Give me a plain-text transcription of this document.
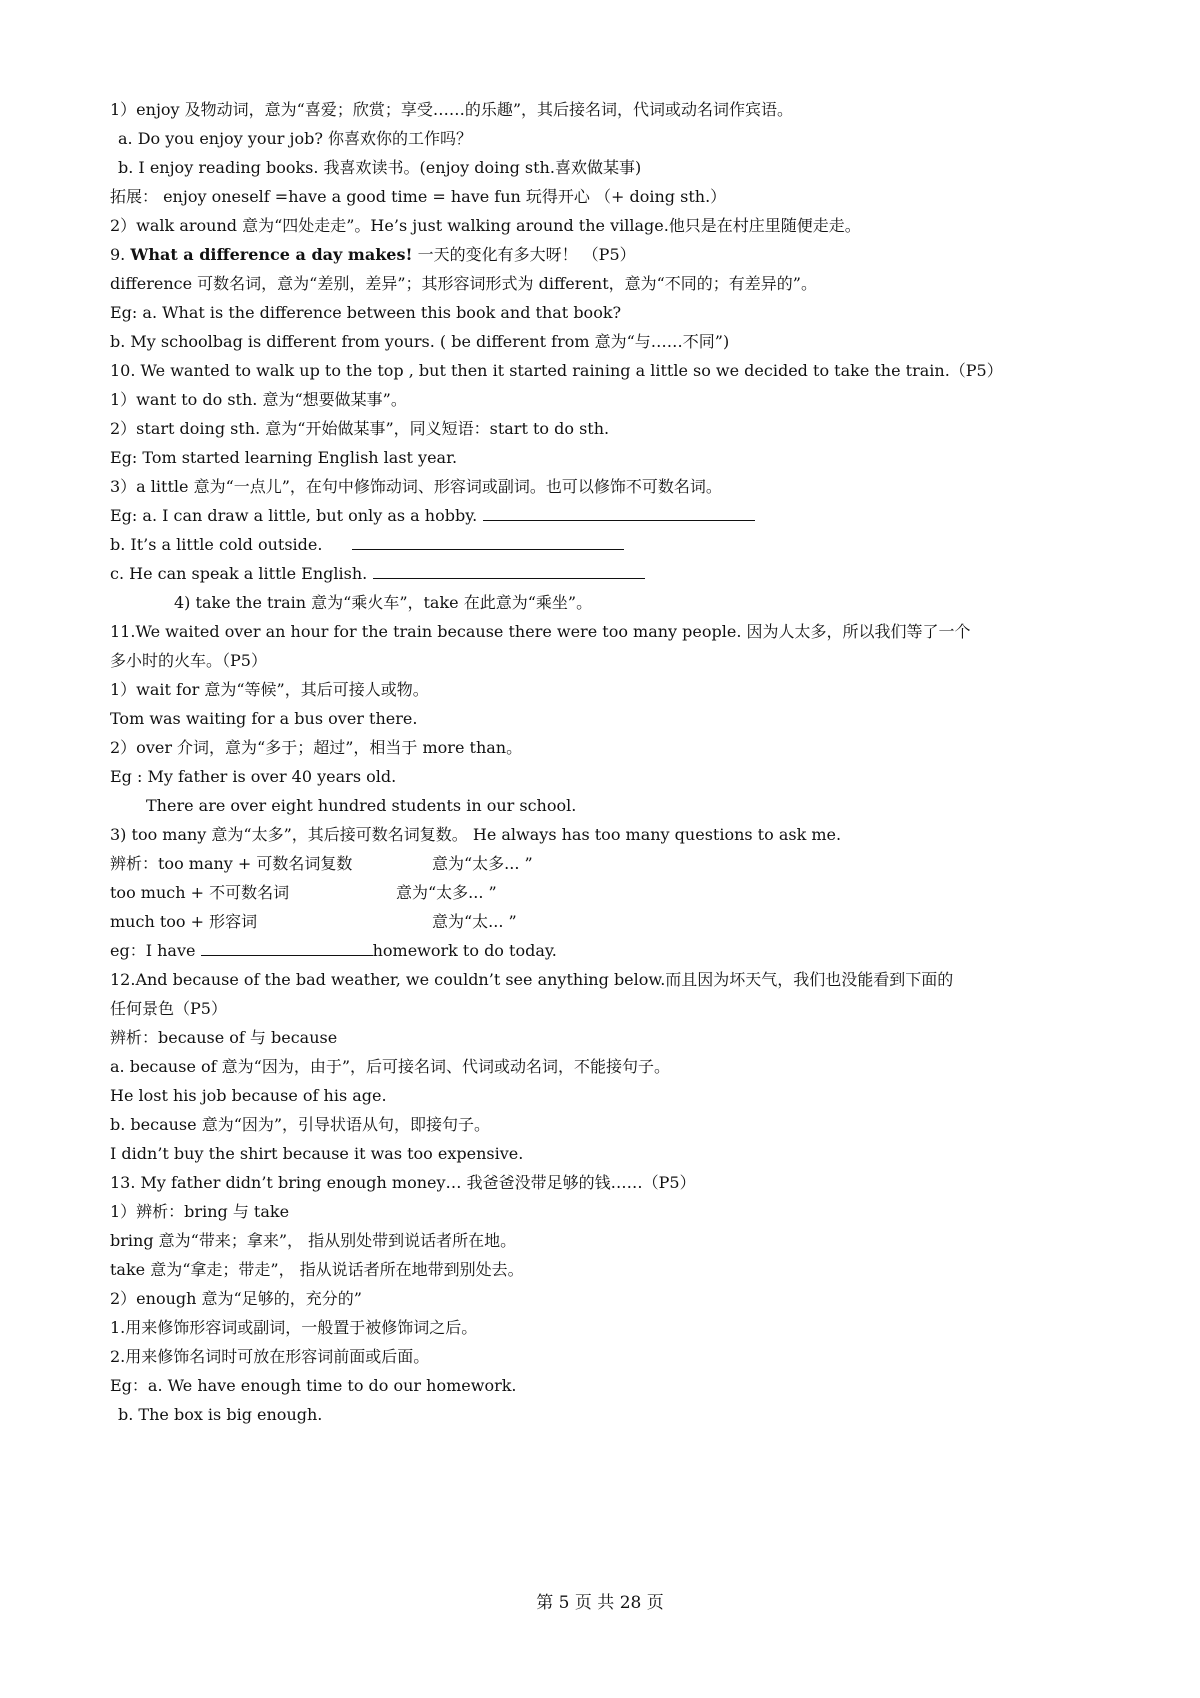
1）enjoy 及物动词，意为“喜爱；欣赏；享受……的乐趣”，其后接名词，代词或动名词作宾语。
a. Do you enjoy your job? 你喜欢你的工作吗？
b. I enjoy reading books. 我喜欢读书。(enjoy doing sth.喜欢做某事)
拓展： enjoy oneself =have a good time = have fun 玩得开心 （+ doing sth.）
2）walk around 意为“四处走走”。He’s just walking around the village.他只是在村庄里随便走走。
9. What a difference a day makes! 一天的变化有多大呀！ （P5）
difference 可数名词，意为“差别，差异”；其形容词形式为 different，意为“不同的；有差异的”。
Eg: a. What is the difference between this book and that book?
b. My schoolbag is different from yours. ( be different from 意为“与……不同”)
10. We wanted to walk up to the top , but then it started raining a little so we decided to take the train.（P5）
1）want to do sth. 意为“想要做某事”。
2）start doing sth. 意为“开始做某事”，同义短语：start to do sth.
Eg: Tom started learning English last year.
3）a little 意为“一点儿”，在句中修饰动词、形容词或副词。也可以修饰不可数名词。
Eg: a. I can draw a little, but only as a hobby.
b. It’s a little cold outside.
c. He can speak a little English.
4) take the train 意为“乘火车”，take 在此意为“乘坐”。
11.We waited over an hour for the train because there were too many people. 因为人太多，所以我们等了一个
多小时的火车。（P5）
1）wait for 意为“等候”，其后可接人或物。
Tom was waiting for a bus over there.
2）over 介词，意为“多于；超过”，相当于 more than。
Eg : My father is over 40 years old.
There are over eight hundred students in our school.
3) too many 意为“太多”，其后接可数名词复数。 He always has too many questions to ask me.
辨析：too many + 可数名词复数	意为“太多... ”
too much + 不可数名词	意为“太多... ”
much too + 形容词	意为“太... ”
eg：I have	homework to do today.
12.And because of the bad weather, we couldn’t see anything below.而且因为坏天气，我们也没能看到下面的
任何景色（P5）
辨析：because of 与 because
a. because of 意为“因为，由于”，后可接名词、代词或动名词，不能接句子。
He lost his job because of his age.
b. because 意为“因为”，引导状语从句，即接句子。
I didn’t buy the shirt because it was too expensive.
13. My father didn’t bring enough money… 我爸爸没带足够的钱……（P5）
1）辨析：bring 与 take
bring 意为“带来；拿来”， 指从别处带到说话者所在地。
take 意为“拿走；带走”， 指从说话者所在地带到别处去。
2）enough 意为“足够的，充分的”
1.用来修饰形容词或副词，一般置于被修饰词之后。
2.用来修饰名词时可放在形容词前面或后面。
Eg：a. We have enough time to do our homework.
b. The box is big enough.
第 5 页 共 28 页
